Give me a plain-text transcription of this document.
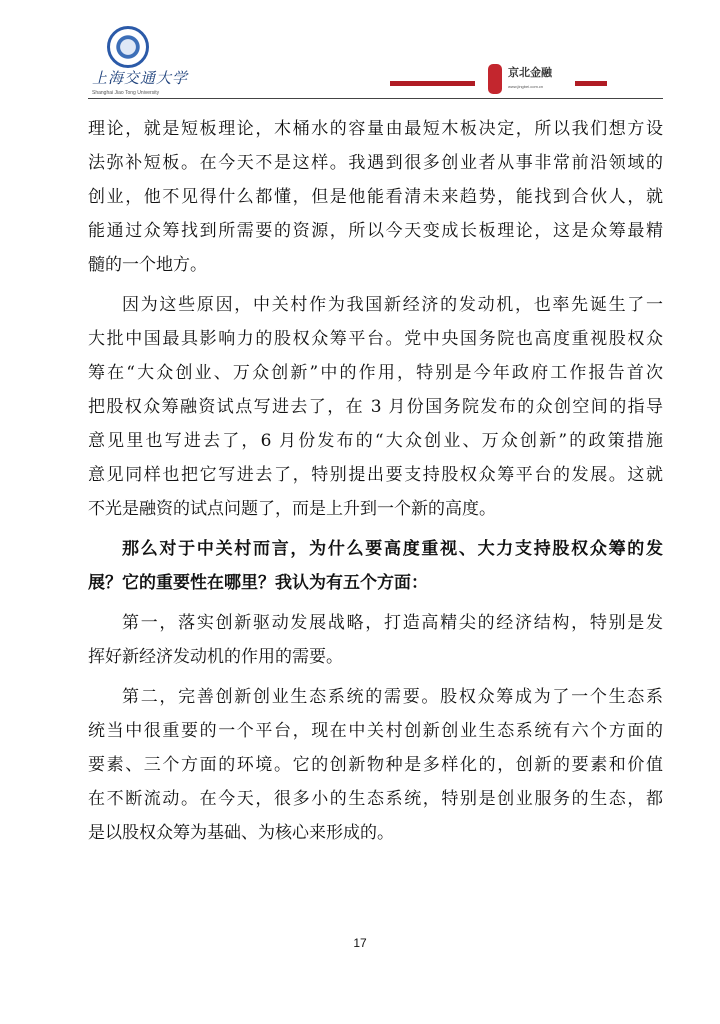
上海交通大学
Shanghai Jiao Tong University
京北金融
www.jingbei.com.cn
理论，就是短板理论，木桶水的容量由最短木板决定，所以我们想方设
法弥补短板。在今天不是这样。我遇到很多创业者从事非常前沿领域的
创业，他不见得什么都懂，但是他能看清未来趋势，能找到合伙人，就
能通过众筹找到所需要的资源，所以今天变成长板理论，这是众筹最精
髓的一个地方。
因为这些原因，中关村作为我国新经济的发动机，也率先诞生了一
大批中国最具影响力的股权众筹平台。党中央国务院也高度重视股权众
筹在“大众创业、万众创新”中的作用，特别是今年政府工作报告首次
把股权众筹融资试点写进去了，在 3 月份国务院发布的众创空间的指导
意见里也写进去了，6 月份发布的“大众创业、万众创新”的政策措施
意见同样也把它写进去了，特别提出要支持股权众筹平台的发展。这就
不光是融资的试点问题了，而是上升到一个新的高度。
那么对于中关村而言，为什么要高度重视、大力支持股权众筹的发
展？它的重要性在哪里？我认为有五个方面：
第一，落实创新驱动发展战略，打造高精尖的经济结构，特别是发
挥好新经济发动机的作用的需要。
第二，完善创新创业生态系统的需要。股权众筹成为了一个生态系
统当中很重要的一个平台，现在中关村创新创业生态系统有六个方面的
要素、三个方面的环境。它的创新物种是多样化的，创新的要素和价值
在不断流动。在今天，很多小的生态系统，特别是创业服务的生态，都
是以股权众筹为基础、为核心来形成的。
17
